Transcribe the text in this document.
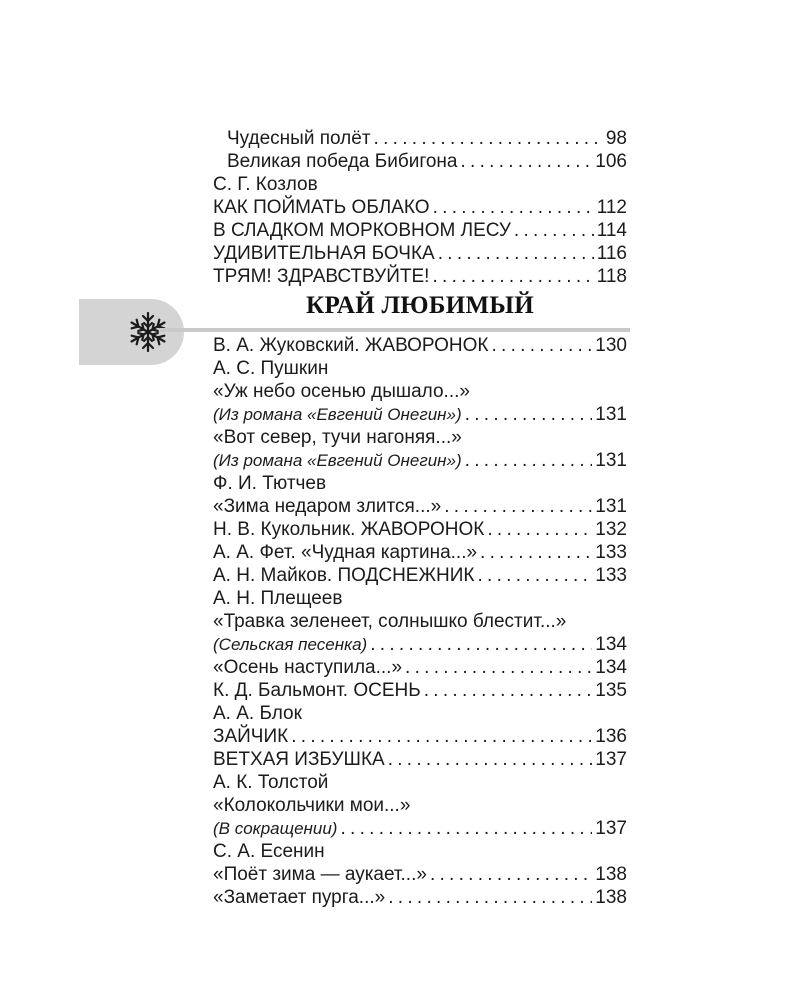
Чудесный полёт . . .	98
Великая победа Бибигона . . .	106
С. Г. Козлов
КАК ПОЙМАТЬ ОБЛАКО . . .	112
В СЛАДКОМ МОРКОВНОМ ЛЕСУ . . .	114
УДИВИТЕЛЬНАЯ БОЧКА . . .	116
ТРЯМ! ЗДРАВСТВУЙТЕ! . . .	118
КРАЙ ЛЮБИМЫЙ
В. А. Жуковский. ЖАВОРОНОК . . .	130
А. С. Пушкин
«Уж небо осенью дышало...»
(Из романа «Евгений Онегин») . . .	131
«Вот север, тучи нагоняя...»
(Из романа «Евгений Онегин») . . .	131
Ф. И. Тютчев
«Зима недаром злится...» . . .	131
Н. В. Кукольник. ЖАВОРОНОК . . .	132
А. А. Фет. «Чудная картина...» . . .	133
А. Н. Майков. ПОДСНЕЖНИК . . .	133
А. Н. Плещеев
«Травка зеленеет, солнышко блестит...»
(Сельская песенка) . . .	134
«Осень наступила...» . . .	134
К. Д. Бальмонт. ОСЕНЬ . . .	135
А. А. Блок
ЗАЙЧИК . . .	136
ВЕТХАЯ ИЗБУШКА . . .	137
А. К. Толстой
«Колокольчики мои...»
(В сокращении) . . .	137
С. А. Есенин
«Поёт зима — аукает...» . . .	138
«Заметает пурга...» . . .	138
